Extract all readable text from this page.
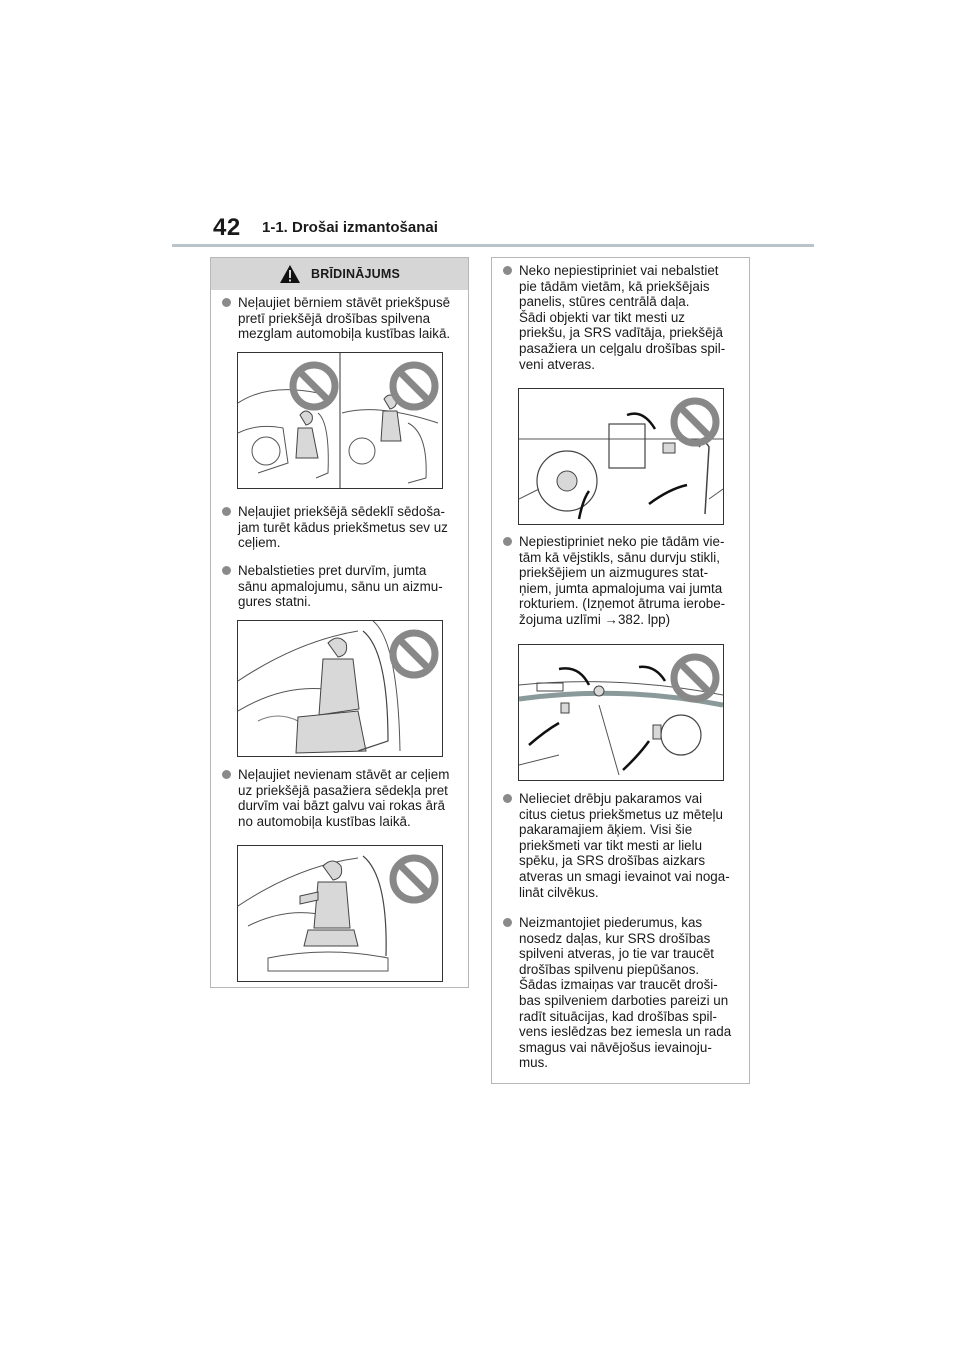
42 1-1. Drošai izmantošanai
BRĪDINĀJUMS
Neļaujiet bērniem stāvēt priekšpusē
pretī priekšējā drošības spilvena
mezglam automobiļa kustības laikā.
Neļaujiet priekšējā sēdeklī sēdoša-
jam turēt kādus priekšmetus sev uz
ceļiem.
Nebalstieties pret durvīm, jumta
sānu apmalojumu, sānu un aizmu-
gures statni.
Neļaujiet nevienam stāvēt ar ceļiem
uz priekšējā pasažiera sēdekļa pret
durvīm vai bāzt galvu vai rokas ārā
no automobiļa kustības laikā.
Neko nepiestipriniet vai nebalstiet
pie tādām vietām, kā priekšējais
panelis, stūres centrālā daļa.
Šādi objekti var tikt mesti uz
priekšu, ja SRS vadītāja, priekšējā
pasažiera un ceļgalu drošības spil-
veni atveras.
Nepiestipriniet neko pie tādām vie-
tām kā vējstikls, sānu durvju stikli,
priekšējiem un aizmugures stat-
ņiem, jumta apmalojuma vai jumta
rokturiem. (Izņemot ātruma ierobe-
žojuma uzlīmi →382. lpp)
Nelieciet drēbju pakaramos vai
citus cietus priekšmetus uz mēteļu
pakaramajiem āķiem. Visi šie
priekšmeti var tikt mesti ar lielu
spēku, ja SRS drošības aizkars
atveras un smagi ievainot vai noga-
lināt cilvēkus.
Neizmantojiet piederumus, kas
nosedz daļas, kur SRS drošības
spilveni atveras, jo tie var traucēt
drošības spilvenu piepūšanos.
Šādas izmaiņas var traucēt droši-
bas spilveniem darboties pareizi un
radīt situācijas, kad drošības spil-
vens ieslēdzas bez iemesla un rada
smagus vai nāvējošus ievainoju-
mus.
